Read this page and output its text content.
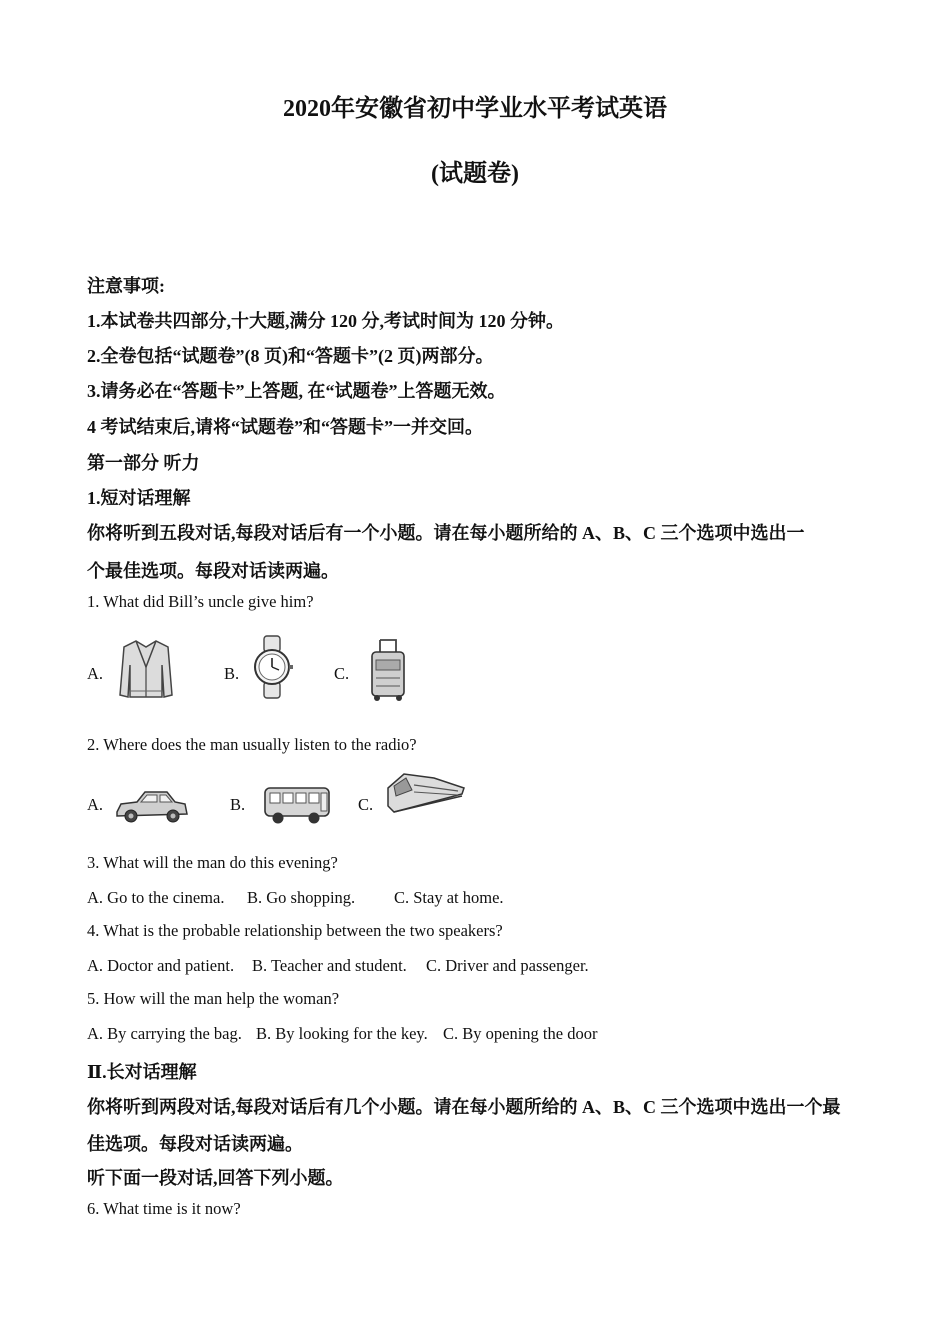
2020年安徽省初中学业水平考试英语
(试题卷)
注意事项:
1.本试卷共四部分,十大题,满分 120 分,考试时间为 120 分钟。
2.全卷包括“试题卷”(8 页)和“答题卡”(2 页)两部分。
3.请务必在“答题卡”上答题, 在“试题卷”上答题无效。
4 考试结束后,请将“试题卷”和“答题卡”一并交回。
第一部分 听力
1.短对话理解
你将听到五段对话,每段对话后有一个小题。请在每小题所给的 A、B、C 三个选项中选出一
个最佳选项。每段对话读两遍。
1. What did Bill’s uncle give him?
A.	B.	C.
2. Where does the man usually listen to the radio?
A.	B.	C.
3. What will the man do this evening?
A. Go to the cinema. B. Go shopping. C. Stay at home.
4. What is the probable relationship between the two speakers?
A. Doctor and patient. B. Teacher and student. C. Driver and passenger.
5. How will the man help the woman?
A. By carrying the bag. B. By looking for the key. C. By opening the door
Ⅱ.长对话理解
你将听到两段对话,每段对话后有几个小题。请在每小题所给的 A、B、C 三个选项中选出一个最
佳选项。每段对话读两遍。
听下面一段对话,回答下列小题。
6. What time is it now?
